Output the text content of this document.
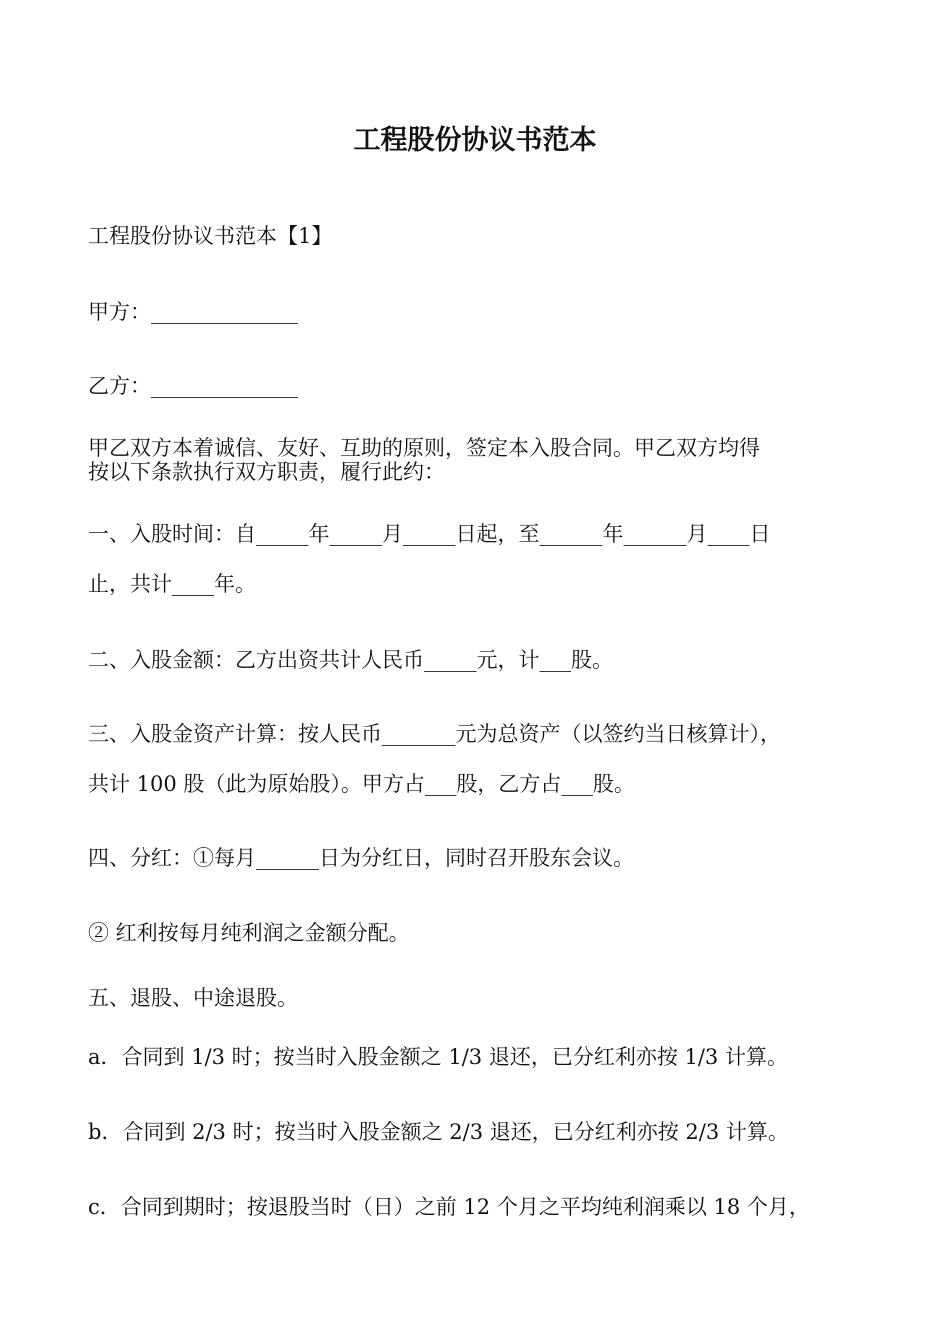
工程股份协议书范本
工程股份协议书范本【1】
甲方：______________
乙方：______________
甲乙双方本着诚信、友好、互助的原则，签定本入股合同。甲乙双方均得
按以下条款执行双方职责，履行此约：
一、入股时间：自_____年_____月_____日起，至______年______月____日
止，共计____年。
二、入股金额：乙方出资共计人民币_____元，计___股。
三、入股金资产计算：按人民币_______元为总资产（以签约当日核算计），
共计 100 股（此为原始股）。甲方占___股，乙方占___股。
四、分红：①每月______日为分红日，同时召开股东会议。
② 红利按每月纯利润之金额分配。
五、退股、中途退股。
a．合同到 1/3 时；按当时入股金额之 1/3 退还，已分红利亦按 1/3 计算。
b．合同到 2/3 时；按当时入股金额之 2/3 退还，已分红利亦按 2/3 计算。
c．合同到期时；按退股当时（日）之前 12 个月之平均纯利润乘以 18 个月，
